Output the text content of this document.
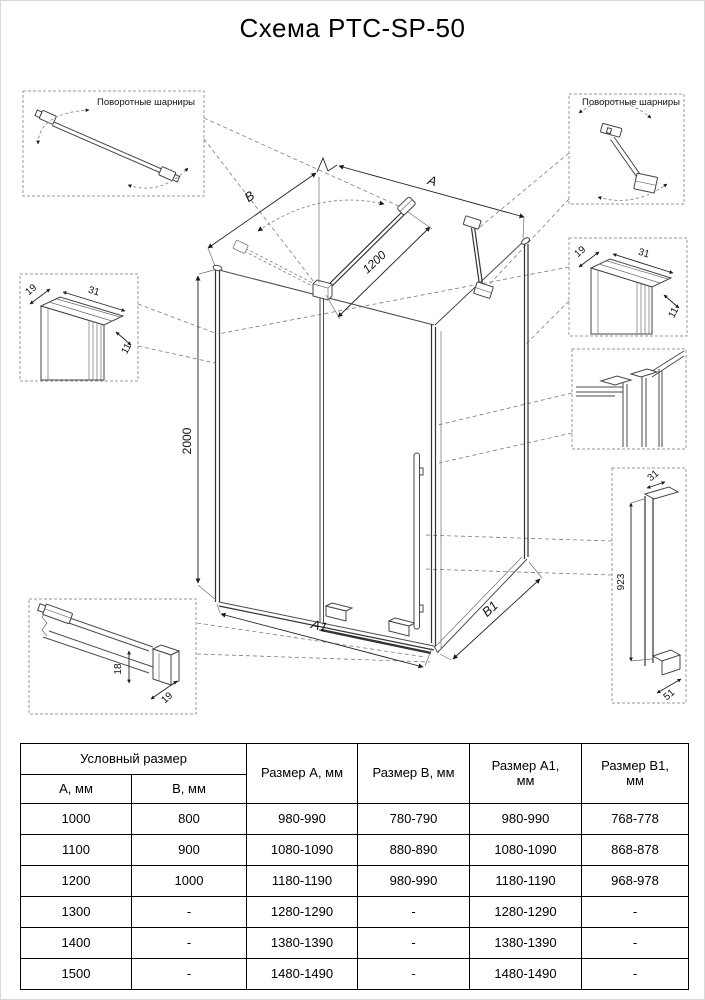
Схема PTC-SP-50
A
B
1200
2000
A1
B1
Поворотные шарниры	Поворотные шарниры
19	31
11
19	31
11
18
19
923
31
51
Условный размер		Размер А, мм	Размер В, мм	Размер А1, мм	Размер В1, мм
А, мм	В, мм				
1000	800	980-990	780-790	980-990	768-778
1100	900	1080-1090	880-890	1080-1090	868-878
1200	1000	1180-1190	980-990	1180-1190	968-978
1300	-	1280-1290	-	1280-1290	-
1400	-	1380-1390	-	1380-1390	-
1500	-	1480-1490	-	1480-1490	-
